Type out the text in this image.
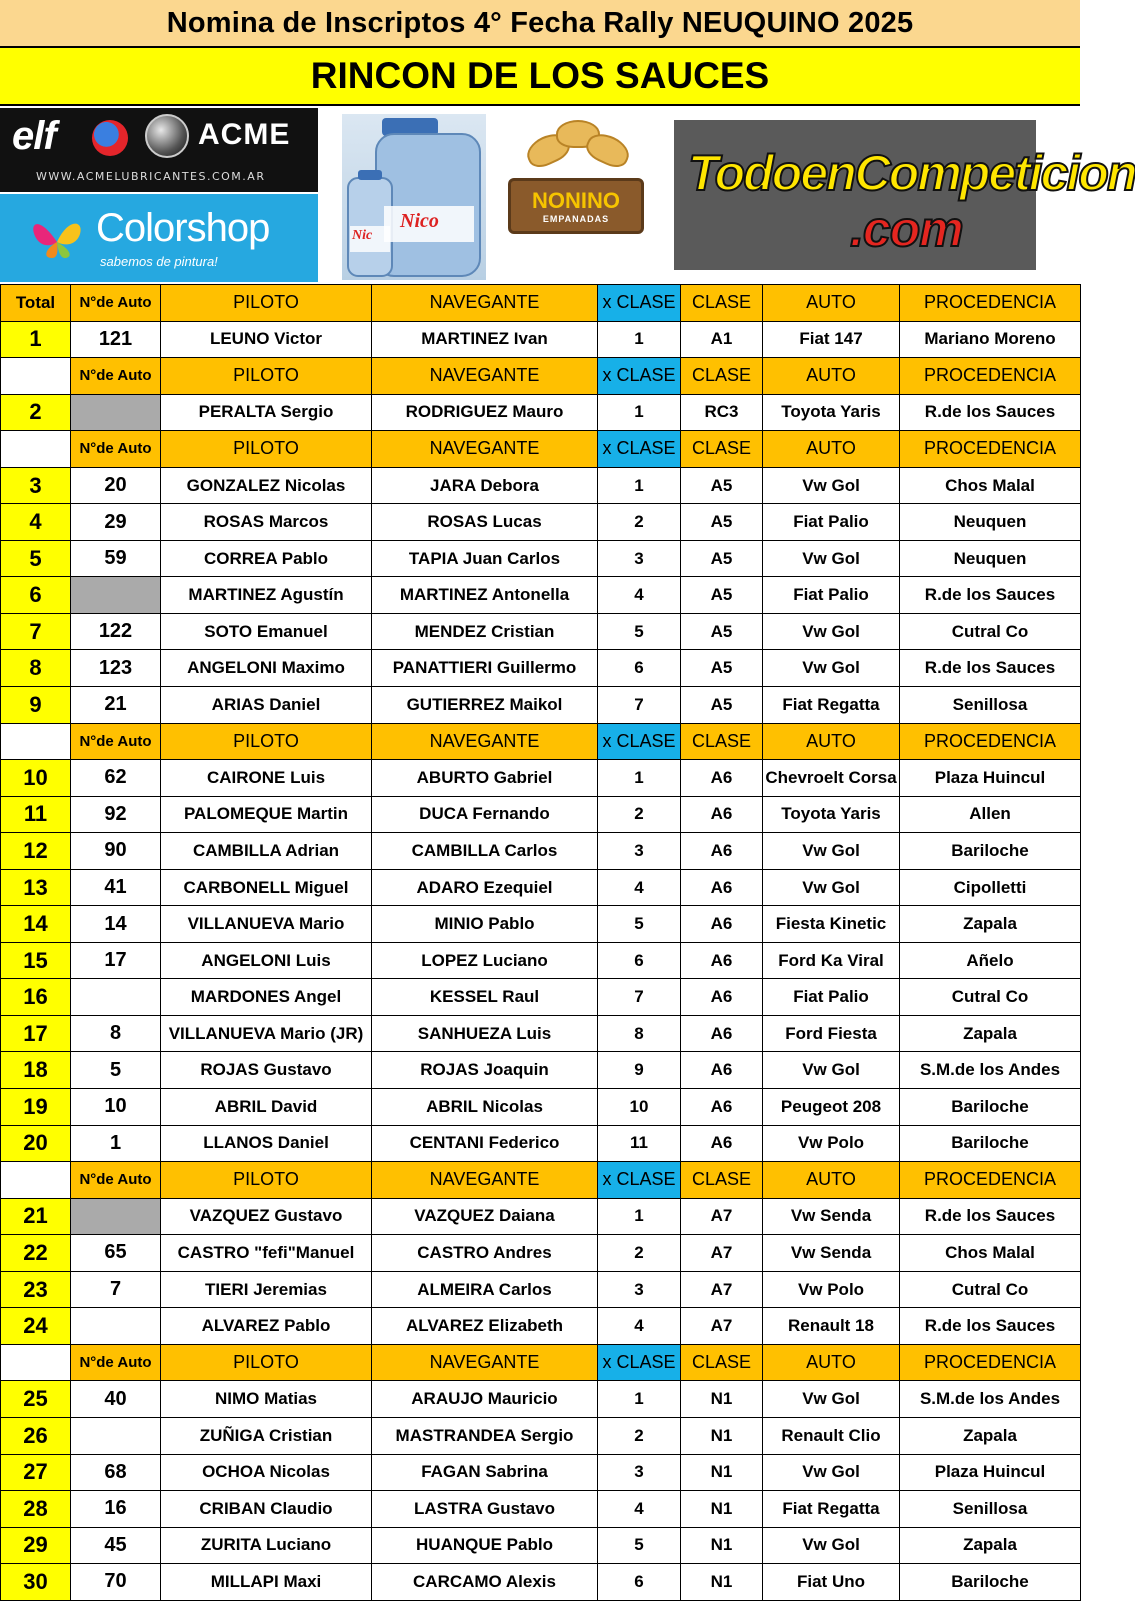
Nomina de Inscriptos 4° Fecha Rally NEUQUINO 2025
RINCON DE LOS SAUCES
elf	ACME
WWW.ACMELUBRICANTES.COM.AR
Colorshop
sabemos de pintura!
Nico
Nic
NONINO
EMPANADAS
TodoenCompeticion
.com
Total	N°de Auto	PILOTO	NAVEGANTE	x CLASE	CLASE	AUTO	PROCEDENCIA
1	121	LEUNO Victor	MARTINEZ Ivan	1	A1	Fiat 147	Mariano Moreno
	N°de Auto	PILOTO	NAVEGANTE	x CLASE	CLASE	AUTO	PROCEDENCIA
2		PERALTA Sergio	RODRIGUEZ Mauro	1	RC3	Toyota Yaris	R.de los Sauces
	N°de Auto	PILOTO	NAVEGANTE	x CLASE	CLASE	AUTO	PROCEDENCIA
3	20	GONZALEZ Nicolas	JARA Debora	1	A5	Vw Gol	Chos Malal
4	29	ROSAS Marcos	ROSAS Lucas	2	A5	Fiat Palio	Neuquen
5	59	CORREA Pablo	TAPIA Juan Carlos	3	A5	Vw Gol	Neuquen
6		MARTINEZ Agustín	MARTINEZ Antonella	4	A5	Fiat Palio	R.de los Sauces
7	122	SOTO Emanuel	MENDEZ Cristian	5	A5	Vw Gol	Cutral Co
8	123	ANGELONI Maximo	PANATTIERI Guillermo	6	A5	Vw Gol	R.de los Sauces
9	21	ARIAS Daniel	GUTIERREZ Maikol	7	A5	Fiat Regatta	Senillosa
	N°de Auto	PILOTO	NAVEGANTE	x CLASE	CLASE	AUTO	PROCEDENCIA
10	62	CAIRONE Luis	ABURTO Gabriel	1	A6	Chevroelt Corsa	Plaza Huincul
11	92	PALOMEQUE Martin	DUCA Fernando	2	A6	Toyota Yaris	Allen
12	90	CAMBILLA Adrian	CAMBILLA Carlos	3	A6	Vw Gol	Bariloche
13	41	CARBONELL Miguel	ADARO Ezequiel	4	A6	Vw Gol	Cipolletti
14	14	VILLANUEVA Mario	MINIO Pablo	5	A6	Fiesta Kinetic	Zapala
15	17	ANGELONI Luis	LOPEZ Luciano	6	A6	Ford Ka Viral	Añelo
16		MARDONES Angel	KESSEL Raul	7	A6	Fiat Palio	Cutral Co
17	8	VILLANUEVA Mario (JR)	SANHUEZA Luis	8	A6	Ford Fiesta	Zapala
18	5	ROJAS Gustavo	ROJAS Joaquin	9	A6	Vw Gol	S.M.de los Andes
19	10	ABRIL David	ABRIL Nicolas	10	A6	Peugeot 208	Bariloche
20	1	LLANOS Daniel	CENTANI Federico	11	A6	Vw Polo	Bariloche
	N°de Auto	PILOTO	NAVEGANTE	x CLASE	CLASE	AUTO	PROCEDENCIA
21		VAZQUEZ Gustavo	VAZQUEZ Daiana	1	A7	Vw Senda	R.de los Sauces
22	65	CASTRO "fefi"Manuel	CASTRO Andres	2	A7	Vw Senda	Chos Malal
23	7	TIERI Jeremias	ALMEIRA Carlos	3	A7	Vw Polo	Cutral Co
24		ALVAREZ Pablo	ALVAREZ Elizabeth	4	A7	Renault 18	R.de los Sauces
	N°de Auto	PILOTO	NAVEGANTE	x CLASE	CLASE	AUTO	PROCEDENCIA
25	40	NIMO Matias	ARAUJO Mauricio	1	N1	Vw Gol	S.M.de los Andes
26		ZUÑIGA Cristian	MASTRANDEA Sergio	2	N1	Renault Clio	Zapala
27	68	OCHOA Nicolas	FAGAN Sabrina	3	N1	Vw Gol	Plaza Huincul
28	16	CRIBAN Claudio	LASTRA Gustavo	4	N1	Fiat Regatta	Senillosa
29	45	ZURITA Luciano	HUANQUE Pablo	5	N1	Vw Gol	Zapala
30	70	MILLAPI Maxi	CARCAMO Alexis	6	N1	Fiat Uno	Bariloche
